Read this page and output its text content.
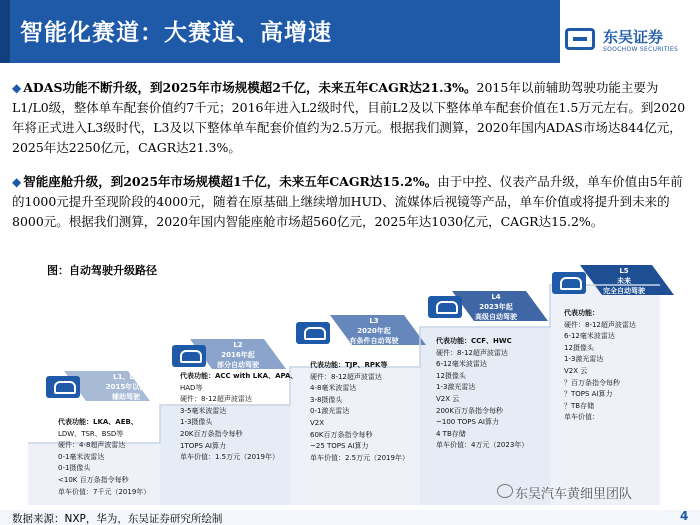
智能化赛道：大赛道、高增速	东吴证券
SOOCHOW SECURITIES
◆ ADAS功能不断升级，到2025年市场规模超2千亿，未来五年CAGR达21.3%。2015年以前辅助驾驶功能主要为L1/L0级，整体单车配套价值约7千元；2016年进入L2级时代，目前L2及以下整体单车配套价值在1.5万元左右。到2020年将正式进入L3级时代，L3及以下整体单车配套价值约为2.5万元。根据我们测算，2020年国内ADAS市场达844亿元，2025年达2250亿元，CAGR达21.3%。
◆ 智能座舱升级，到2025年市场规模超1千亿，未来五年CAGR达15.2%。由于中控、仪表产品升级，单车价值由5年前的1000元提升至现阶段的4000元，随着在原基础上继续增加HUD、流媒体后视镜等产品，单车价值或将提升到未来的8000元。根据我们测算，2020年国内智能座舱市场超560亿元，2025年达1030亿元，CAGR达15.2%。
图：自动驾驶升级路径
L1、L0
2015年以前
辅助驾驶
代表功能：LKA、AEB、
LDW、TSR、BSD等
硬件：4-8超声波雷达
0-1毫米波雷达
0-1摄像头
<10K 百万条指令每秒
单车价值：7千元（2019年）
L2
2016年起
部分自动驾驶
代表功能：ACC with LKA、APA、
HAD等
硬件：8-12超声波雷达
3-5毫米波雷达
1-3摄像头
20K百万条指令每秒
1TOPS AI算力
单车价值：1.5万元（2019年）
L3
2020年起
有条件自动驾驶
代表功能：TJP、RPK等
硬件：8-12超声波雷达
4-8毫米波雷达
3-8摄像头
0-1激光雷达
V2X
60K百万条指令每秒
~25 TOPS AI算力
单车价值：2.5万元（2019年）
L4
2023年起
高级自动驾驶
代表功能：CCF、HWC
硬件：8-12超声波雷达
6-12毫米波雷达
12摄像头
1-3激光雷达
V2X 云
200K百万条指令每秒
~100 TOPS AI算力
4 TB存储
单车价值：4万元（2023年）
L5
未来
完全自动驾驶
代表功能：
硬件：8-12超声波雷达
6-12毫米波雷达
12摄像头
1-3激光雷达
V2X 云
？百万条指令每秒
？TOPS AI算力
？TB存储
单车价值：
东吴汽车黄细里团队
数据来源：NXP，华为，东吴证券研究所绘制	4
